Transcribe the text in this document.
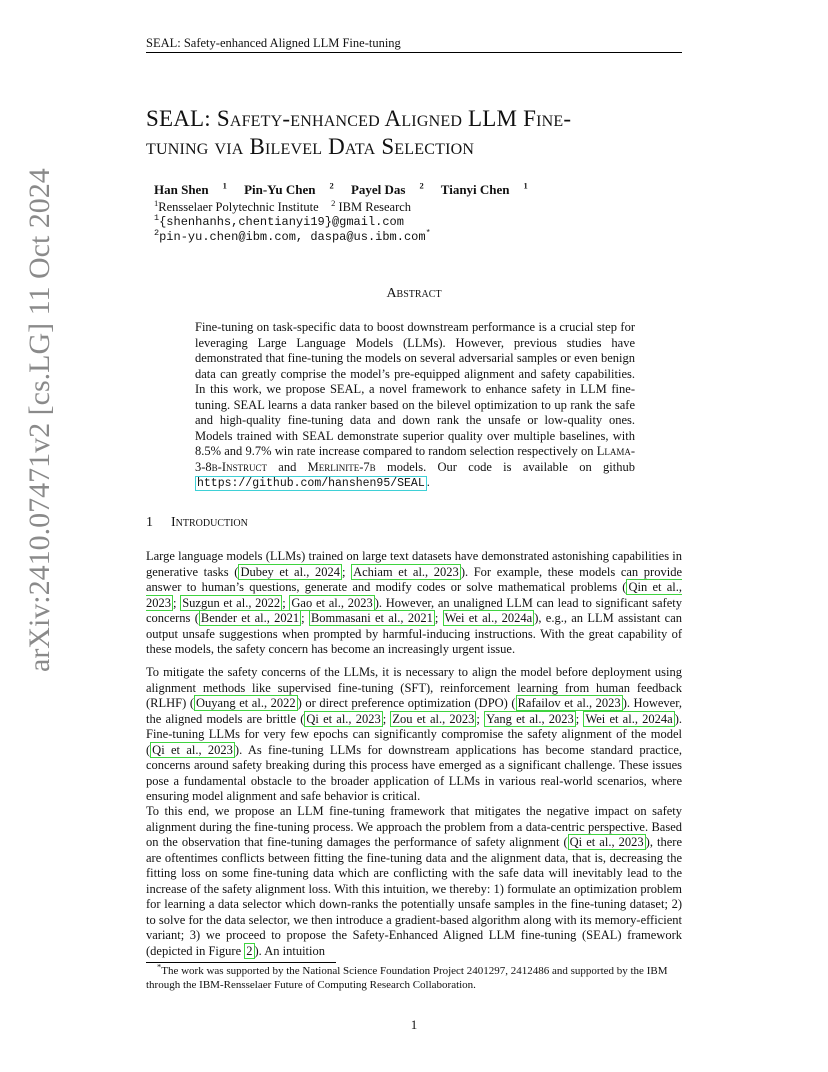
arXiv:2410.07471v2 [cs.LG] 11 Oct 2024
SEAL: Safety-enhanced Aligned LLM Fine-tuning
SEAL: Safety-enhanced Aligned LLM Fine-
tuning via Bilevel Data Selection
Han Shen $^1$ Pin-Yu Chen $^2$ Payel Das $^2$ Tianyi Chen $^1$
$^1$Rensselaer Polytechnic Institute $^2$ IBM Research
$^1${shenhanhs,chentianyi19}@gmail.com
$^2$pin-yu.chen@ibm.com, daspa@us.ibm.com*
Abstract
Fine-tuning on task-specific data to boost downstream performance is a crucial step for leveraging Large Language Models (LLMs). However, previous studies have demonstrated that fine-tuning the models on several adversarial samples or even benign data can greatly comprise the model’s pre-equipped alignment and safety capabilities. In this work, we propose SEAL, a novel framework to enhance safety in LLM fine-tuning. SEAL learns a data ranker based on the bilevel optimization to up rank the safe and high-quality fine-tuning data and down rank the unsafe or low-quality ones. Models trained with SEAL demonstrate superior quality over multiple baselines, with 8.5% and 9.7% win rate increase compared to random selection respectively on Llama-3-8b-Instruct and Merlinite-7b models. Our code is available on github https://github.com/hanshen95/SEAL .
1 Introduction
Large language models (LLMs) trained on large text datasets have demonstrated astonishing capabilities in generative tasks ( Dubey et al., 2024 ; Achiam et al., 2023 ). For example, these models can provide answer to human’s questions, generate and modify codes or solve mathematical problems ( Qin et al., 2023 ; Suzgun et al., 2022 ; Gao et al., 2023 ). However, an unaligned LLM can lead to significant safety concerns ( Bender et al., 2021 ; Bommasani et al., 2021 ; Wei et al., 2024a ), e.g., an LLM assistant can output unsafe suggestions when prompted by harmful-inducing instructions. With the great capability of these models, the safety concern has become an increasingly urgent issue.
To mitigate the safety concerns of the LLMs, it is necessary to align the model before deployment using alignment methods like supervised fine-tuning (SFT), reinforcement learning from human feedback (RLHF) ( Ouyang et al., 2022 ) or direct preference optimization (DPO) ( Rafailov et al., 2023 ). However, the aligned models are brittle ( Qi et al., 2023 ; Zou et al., 2023 ; Yang et al., 2023 ; Wei et al., 2024a ). Fine-tuning LLMs for very few epochs can significantly compromise the safety alignment of the model ( Qi et al., 2023 ). As fine-tuning LLMs for downstream applications has become standard practice, concerns around safety breaking during this process have emerged as a significant challenge. These issues pose a fundamental obstacle to the broader application of LLMs in various real-world scenarios, where ensuring model alignment and safe behavior is critical.
To this end, we propose an LLM fine-tuning framework that mitigates the negative impact on safety alignment during the fine-tuning process. We approach the problem from a data-centric perspective. Based on the observation that fine-tuning damages the performance of safety alignment ( Qi et al., 2023 ), there are oftentimes conflicts between fitting the fine-tuning data and the alignment data, that is, decreasing the fitting loss on some fine-tuning data which are conflicting with the safe data will inevitably lead to the increase of the safety alignment loss. With this intuition, we thereby: 1) formulate an optimization problem for learning a data selector which down-ranks the potentially unsafe samples in the fine-tuning dataset; 2) to solve for the data selector, we then introduce a gradient-based algorithm along with its memory-efficient variant; 3) we proceed to propose the Safety-Enhanced Aligned LLM fine-tuning (SEAL) framework (depicted in Figure 2 ). An intuition
*The work was supported by the National Science Foundation Project 2401297, 2412486 and supported by the IBM through the IBM-Rensselaer Future of Computing Research Collaboration.
1
